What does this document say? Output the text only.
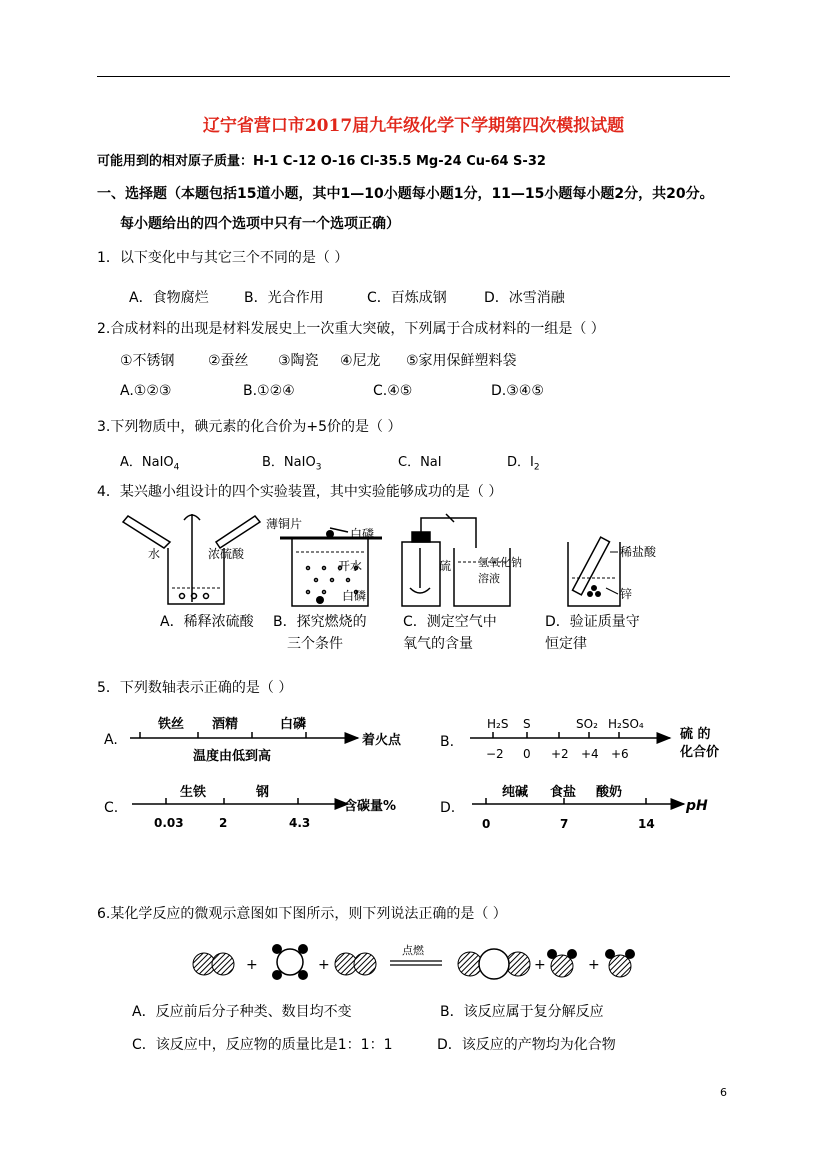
辽宁省营口市2017届九年级化学下学期第四次模拟试题
可能用到的相对原子质量：H-1 C-12 O-16 Cl-35.5 Mg-24 Cu-64 S-32
一、选择题（本题包括15道小题，其中1—10小题每小题1分，11—15小题每小题2分，共20分。
每小题给出的四个选项中只有一个选项正确）
1．以下变化中与其它三个不同的是（ ）
A．食物腐烂	B．光合作用	C．百炼成钢	D．冰雪消融
2.合成材料的出现是材料发展史上一次重大突破，下列属于合成材料的一组是（ ）
①不锈钢 ②蚕丝 ③陶瓷 ④尼龙 ⑤家用保鲜塑料袋
A.①②③	B.①②④	C.④⑤	D.③④⑤
3.下列物质中，碘元素的化合价为+5价的是（ ）
A．NaIO$_4$	B．NaIO$_3$	C．NaI	D．$I_2$
4．某兴趣小组设计的四个实验装置，其中实验能够成功的是（ ）
水	浓硫酸
薄铜片
白磷
开水
白磷
硫 氢氧化钠
溶液
稀盐酸
锌
A．稀释浓硫酸	B．探究燃烧的
三个条件
C．测定空气中
氧气的含量
D．验证质量守
恒定律
5．下列数轴表示正确的是（ ）
A.
铁丝 酒精	白磷
温度由低到高
着火点	B.
H₂S S	SO₂ H₂SO₄
−2 0 +2 +4 +6
硫 的
化合价
C.
生铁	钢
0.03	2	4.3
含碳量%	D.
纯碱 食盐 酸奶
0	7	14
pH
6.某化学反应的微观示意图如下图所示，则下列说法正确的是（ ）
+	+
点燃
+	+
A．反应前后分子种类、数目均不变	B．该反应属于复分解反应
C．该反应中，反应物的质量比是1：1：1	D．该反应的产物均为化合物
6
